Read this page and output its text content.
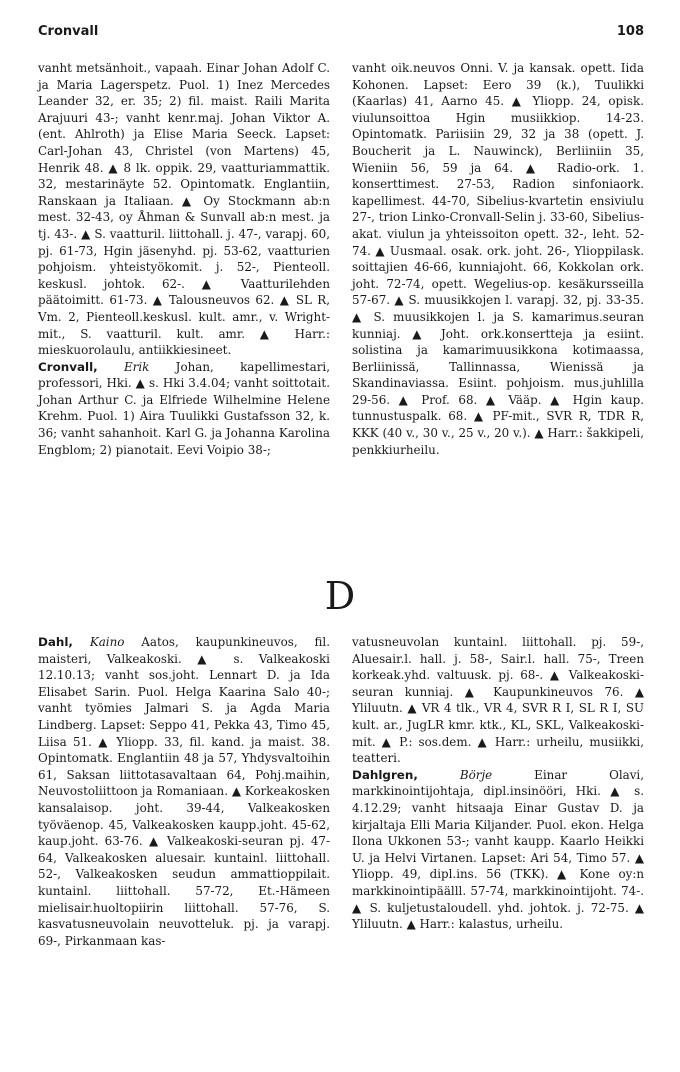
Cronvall	108

vanht metsänhoit., vapaah. Einar Johan Adolf C. ja Maria Lagerspetz. Puol. 1) Inez Mercedes Leander 32, er. 35; 2) fil. maist. Raili Marita Arajuuri 43-; vanht kenr.maj. Johan Viktor A. (ent. Ahlroth) ja Elise Maria Seeck. Lapset: Carl-Johan 43, Christel (von Martens) 45, Henrik 48. ▲ 8 lk. oppik. 29, vaatturiammattik. 32, mestarinäyte 52. Opintomatk. Englantiin, Ranskaan ja Italiaan. ▲ Oy Stockmann ab:n mest. 32-43, oy Åhman & Sunvall ab:n mest. ja tj. 43-. ▲ S. vaatturil. liittohall. j. 47-, varapj. 60, pj. 61-73, Hgin jäsenyhd. pj. 53-62, vaatturien pohjoism. yhteistyökomit. j. 52-, Pienteoll. keskusl. johtok. 62-. ▲ Vaatturilehden päätoimitt. 61-73. ▲ Talousneuvos 62. ▲ SL R, Vm. 2, Pienteoll.keskusl. kult. amr., v. Wright-mit., S. vaatturil. kult. amr. ▲ Harr.: mieskuorolaulu, antiikkiesineet.

Cronvall, Erik Johan, kapellimestari, professori, Hki. ▲ s. Hki 3.4.04; vanht soittotait. Johan Arthur C. ja Elfriede Wilhelmine Helene Krehm. Puol. 1) Aira Tuulikki Gustafsson 32, k. 36; vanht sahanhoit. Karl G. ja Johanna Karolina Engblom; 2) pianotait. Eevi Voipio 38-;

vanht oik.neuvos Onni. V. ja kansak. opett. Iida Kohonen. Lapset: Eero 39 (k.), Tuulikki (Kaarlas) 41, Aarno 45. ▲ Yliopp. 24, opisk. viulunsoittoa Hgin musiikkiop. 14-23. Opintomatk. Pariisiin 29, 32 ja 38 (opett. J. Boucherit ja L. Nauwinck), Berliiniin 35, Wieniin 56, 59 ja 64. ▲ Radio-ork. 1. konserttimest. 27-53, Radion sinfoniaork. kapellimest. 44-70, Sibelius-kvartetin ensiviulu 27-, trion Linko-Cronvall-Selin j. 33-60, Sibelius-akat. viulun ja yhteissoiton opett. 32-, leht. 52-74. ▲ Uusmaal. osak. ork. joht. 26-, Ylioppilask. soittajien 46-66, kunniajoht. 66, Kokkolan ork. joht. 72-74, opett. Wegelius-op. kesäkursseilla 57-67. ▲ S. muusikkojen l. varapj. 32, pj. 33-35. ▲ S. muusikkojen l. ja S. kamarimus.seuran kunniaj. ▲ Joht. ork.konsertteja ja esiint. solistina ja kamarimuusikkona kotimaassa, Berliinissä, Tallinnassa, Wienissä ja Skandinaviassa. Esiint. pohjoism. mus.juhlilla 29-56. ▲ Prof. 68. ▲ Vääp. ▲ Hgin kaup. tunnustuspalk. 68. ▲ PF-mit., SVR R, TDR R, KKK (40 v., 30 v., 25 v., 20 v.). ▲ Harr.: šakkipeli, penkkiurheilu.

D

Dahl, Kaino Aatos, kaupunkineuvos, fil. maisteri, Valkeakoski. ▲ s. Valkeakoski 12.10.13; vanht sos.joht. Lennart D. ja Ida Elisabet Sarin. Puol. Helga Kaarina Salo 40-; vanht työmies Jalmari S. ja Agda Maria Lindberg. Lapset: Seppo 41, Pekka 43, Timo 45, Liisa 51. ▲ Yliopp. 33, fil. kand. ja maist. 38. Opintomatk. Englantiin 48 ja 57, Yhdysvaltoihin 61, Saksan liittotasavaltaan 64, Pohj.maihin, Neuvostoliittoon ja Romaniaan. ▲ Korkeakosken kansalaisop. joht. 39-44, Valkeakosken työväenop. 45, Valkeakosken kaupp.joht. 45-62, kaup.joht. 63-76. ▲ Valkeakoski-seuran pj. 47-64, Valkeakosken aluesair. kuntainl. liittohall. 52-, Valkeakosken seudun ammattioppilait. kuntainl. liittohall. 57-72, Et.-Hämeen mielisair.huoltopiirin liittohall. 57-76, S. kasvatusneuvolain neuvotteluk. pj. ja varapj. 69-, Pirkanmaan kas-

vatusneuvolan kuntainl. liittohall. pj. 59-, Aluesair.l. hall. j. 58-, Sair.l. hall. 75-, Treen korkeak.yhd. valtuusk. pj. 68-. ▲ Valkeakoski-seuran kunniaj. ▲ Kaupunkineuvos 76. ▲ Yliluutn. ▲ VR 4 tlk., VR 4, SVR R I, SL R I, SU kult. ar., JugLR kmr. ktk., KL, SKL, Valkeakoski-mit. ▲ P.: sos.dem. ▲ Harr.: urheilu, musiikki, teatteri.

Dahlgren,	Börje	Einar Olavi, markkinointijohtaja, dipl.insinööri, Hki. ▲ s. 4.12.29; vanht hitsaaja Einar Gustav D. ja kirjaltaja Elli Maria Kiljander. Puol. ekon. Helga Ilona Ukkonen 53-; vanht kaupp. Kaarlo Heikki U. ja Helvi Virtanen. Lapset: Ari 54, Timo 57. ▲ Yliopp. 49, dipl.ins. 56 (TKK). ▲ Kone oy:n markkinointipäälll. 57-74, markkinointijoht. 74-. ▲ S. kuljetustaloudell. yhd. johtok. j. 72-75. ▲ Yliluutn. ▲ Harr.: kalastus, urheilu.
